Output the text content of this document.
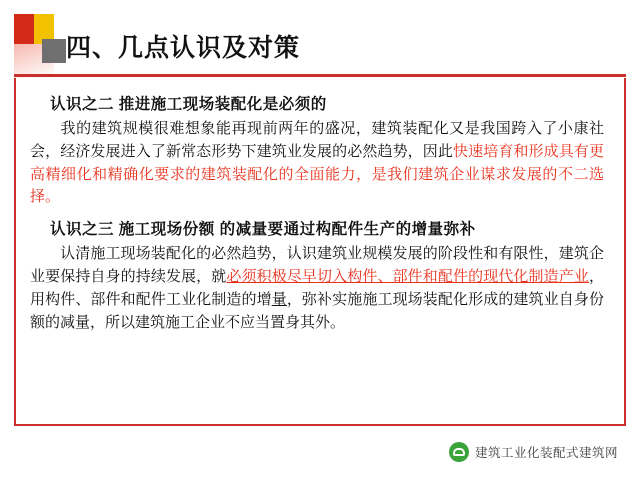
四、几点认识及对策
认识之二 推进施工现场装配化是必须的
我的建筑规模很难想象能再现前两年的盛况，建筑装配化又是我国跨入了小康社会，经济发展进入了新常态形势下建筑业发展的必然趋势，因此快速培育和形成具有更高精细化和精确化要求的建筑装配化的全面能力，是我们建筑企业谋求发展的不二选择。
认识之三 施工现场份额 的减量要通过构配件生产的增量弥补
认清施工现场装配化的必然趋势，认识建筑业规模发展的阶段性和有限性，建筑企业要保持自身的持续发展，就必须积极尽早切入构件、部件和配件的现代化制造产业，用构件、部件和配件工业化制造的增量，弥补实施施工现场装配化形成的建筑业自身份额的减量，所以建筑施工企业不应当置身其外。
建筑工业化装配式建筑网
